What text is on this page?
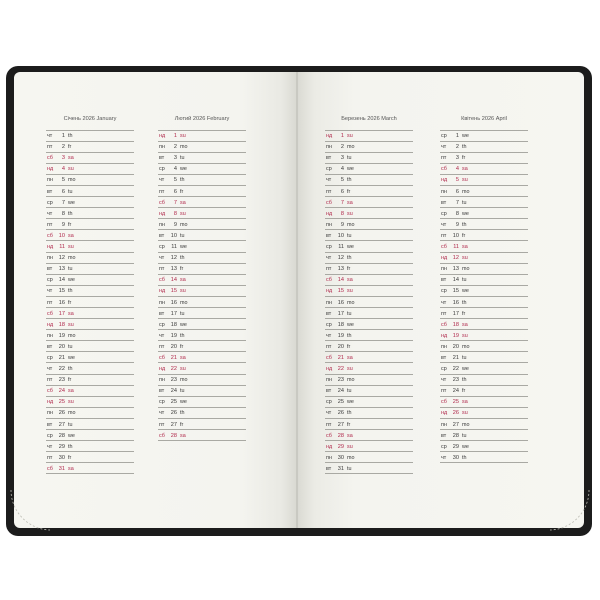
Січень 2026 January
чт	1 th
пт	2 fr
сб	3 sa
нд	4 su
пн	5 mo
вт	6 tu
ср	7 we
чт	8 th
пт	9 fr
сб	10 sa
нд	11 su
пн	12 mo
вт	13 tu
ср	14 we
чт	15 th
пт	16 fr
сб	17 sa
нд	18 su
пн	19 mo
вт	20 tu
ср	21 we
чт	22 th
пт	23 fr
сб	24 sa
нд	25 su
пн	26 mo
вт	27 tu
ср	28 we
чт	29 th
пт	30 fr
сб	31 sa
Лютий 2026 February
нд	1 su
пн	2 mo
вт	3 tu
ср	4 we
чт	5 th
пт	6 fr
сб	7 sa
нд	8 su
пн	9 mo
вт	10 tu
ср	11 we
чт	12 th
пт	13 fr
сб	14 sa
нд	15 su
пн	16 mo
вт	17 tu
ср	18 we
чт	19 th
пт	20 fr
сб	21 sa
нд	22 su
пн	23 mo
вт	24 tu
ср	25 we
чт	26 th
пт	27 fr
сб	28 sa
Березень 2026 March
нд	1 su
пн	2 mo
вт	3 tu
ср	4 we
чт	5 th
пт	6 fr
сб	7 sa
нд	8 su
пн	9 mo
вт	10 tu
ср	11 we
чт	12 th
пт	13 fr
сб	14 sa
нд	15 su
пн	16 mo
вт	17 tu
ср	18 we
чт	19 th
пт	20 fr
сб	21 sa
нд	22 su
пн	23 mo
вт	24 tu
ср	25 we
чт	26 th
пт	27 fr
сб	28 sa
нд	29 su
пн	30 mo
вт	31 tu
Квітень 2026 April
ср	1 we
чт	2 th
пт	3 fr
сб	4 sa
нд	5 su
пн	6 mo
вт	7 tu
ср	8 we
чт	9 th
пт	10 fr
сб	11 sa
нд	12 su
пн	13 mo
вт	14 tu
ср	15 we
чт	16 th
пт	17 fr
сб	18 sa
нд	19 su
пн	20 mo
вт	21 tu
ср	22 we
чт	23 th
пт	24 fr
сб	25 sa
нд	26 su
пн	27 mo
вт	28 tu
ср	29 we
чт	30 th
